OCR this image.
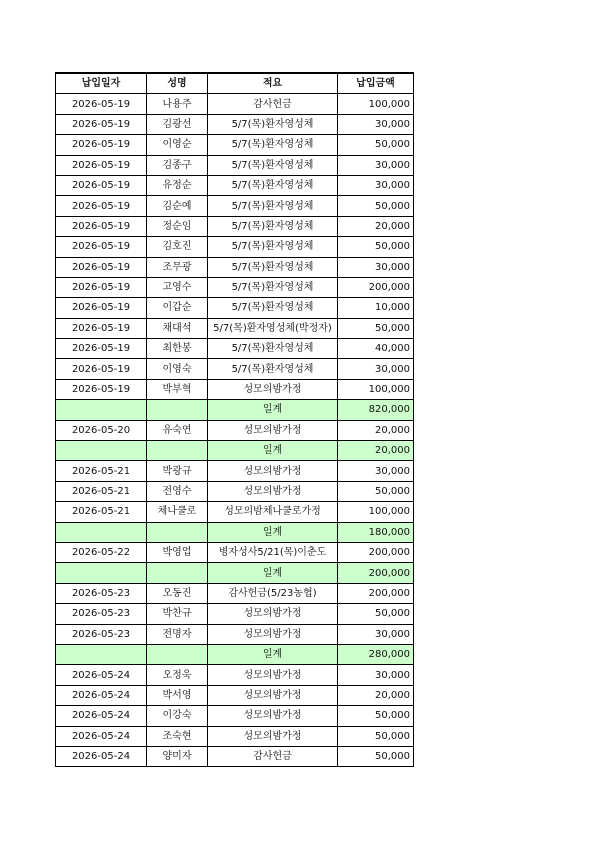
납입일자	성명	적요	납입금액
2026-05-19	나용주	감사헌금	100,000
2026-05-19	김광선	5/7(목)환자영성체	30,000
2026-05-19	이영순	5/7(목)환자영성체	50,000
2026-05-19	김종구	5/7(목)환자영성체	30,000
2026-05-19	유정순	5/7(목)환자영성체	30,000
2026-05-19	김순예	5/7(목)환자영성체	50,000
2026-05-19	정순임	5/7(목)환자영성체	20,000
2026-05-19	김호진	5/7(목)환자영성체	50,000
2026-05-19	조무광	5/7(목)환자영성체	30,000
2026-05-19	고영수	5/7(목)환자영성체	200,000
2026-05-19	이갑순	5/7(목)환자영성체	10,000
2026-05-19	채대석	5/7(목)환자영성체(박정자)	50,000
2026-05-19	최한봉	5/7(목)환자영성체	40,000
2026-05-19	이영숙	5/7(목)환자영성체	30,000
2026-05-19	박부혁	성모의밤가정	100,000
		일계	820,000
2026-05-20	유숙연	성모의밤가정	20,000
		일계	20,000
2026-05-21	박광규	성모의밤가정	30,000
2026-05-21	전영수	성모의밤가정	50,000
2026-05-21	체나쿨로	성모의밤체나쿨로가정	100,000
		일계	180,000
2026-05-22	박영업	병자성사5/21(목)이춘도	200,000
		일계	200,000
2026-05-23	오동진	감사헌금(5/23농협)	200,000
2026-05-23	박찬규	성모의밤가정	50,000
2026-05-23	전명자	성모의밤가정	30,000
		일계	280,000
2026-05-24	오정욱	성모의밤가정	30,000
2026-05-24	박서영	성모의밤가정	20,000
2026-05-24	이강숙	성모의밤가정	50,000
2026-05-24	조숙현	성모의밤가정	50,000
2026-05-24	양미자	감사헌금	50,000
